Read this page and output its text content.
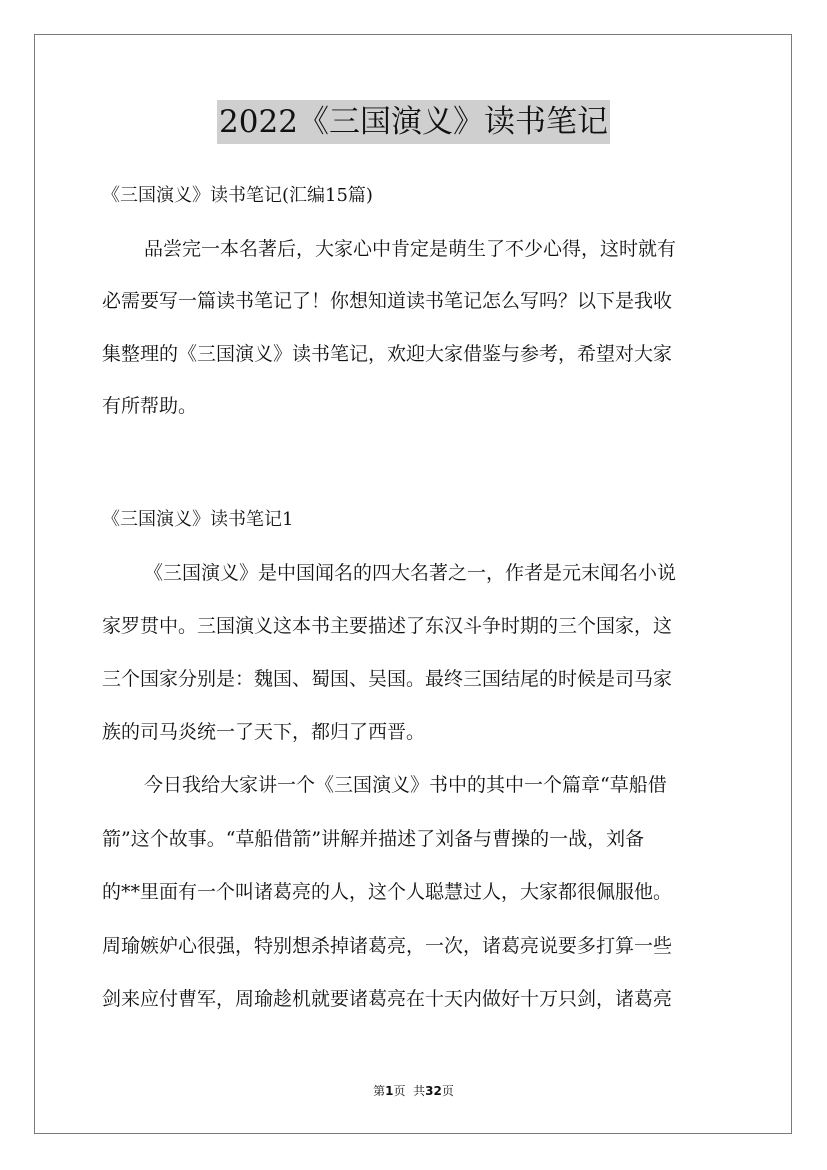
2022《三国演义》读书笔记
《三国演义》读书笔记(汇编15篇)
品尝完一本名著后，大家心中肯定是萌生了不少心得，这时就有
必需要写一篇读书笔记了！你想知道读书笔记怎么写吗？以下是我收
集整理的《三国演义》读书笔记，欢迎大家借鉴与参考，希望对大家
有所帮助。
《三国演义》读书笔记1
《三国演义》是中国闻名的四大名著之一，作者是元末闻名小说
家罗贯中。三国演义这本书主要描述了东汉斗争时期的三个国家，这
三个国家分别是：魏国、蜀国、吴国。最终三国结尾的时候是司马家
族的司马炎统一了天下，都归了西晋。
今日我给大家讲一个《三国演义》书中的其中一个篇章“草船借
箭”这个故事。“草船借箭”讲解并描述了刘备与曹操的一战，刘备
的**里面有一个叫诸葛亮的人，这个人聪慧过人，大家都很佩服他。
周瑜嫉妒心很强，特别想杀掉诸葛亮，一次，诸葛亮说要多打算一些
剑来应付曹军，周瑜趁机就要诸葛亮在十天内做好十万只剑，诸葛亮
第1页 共32页
